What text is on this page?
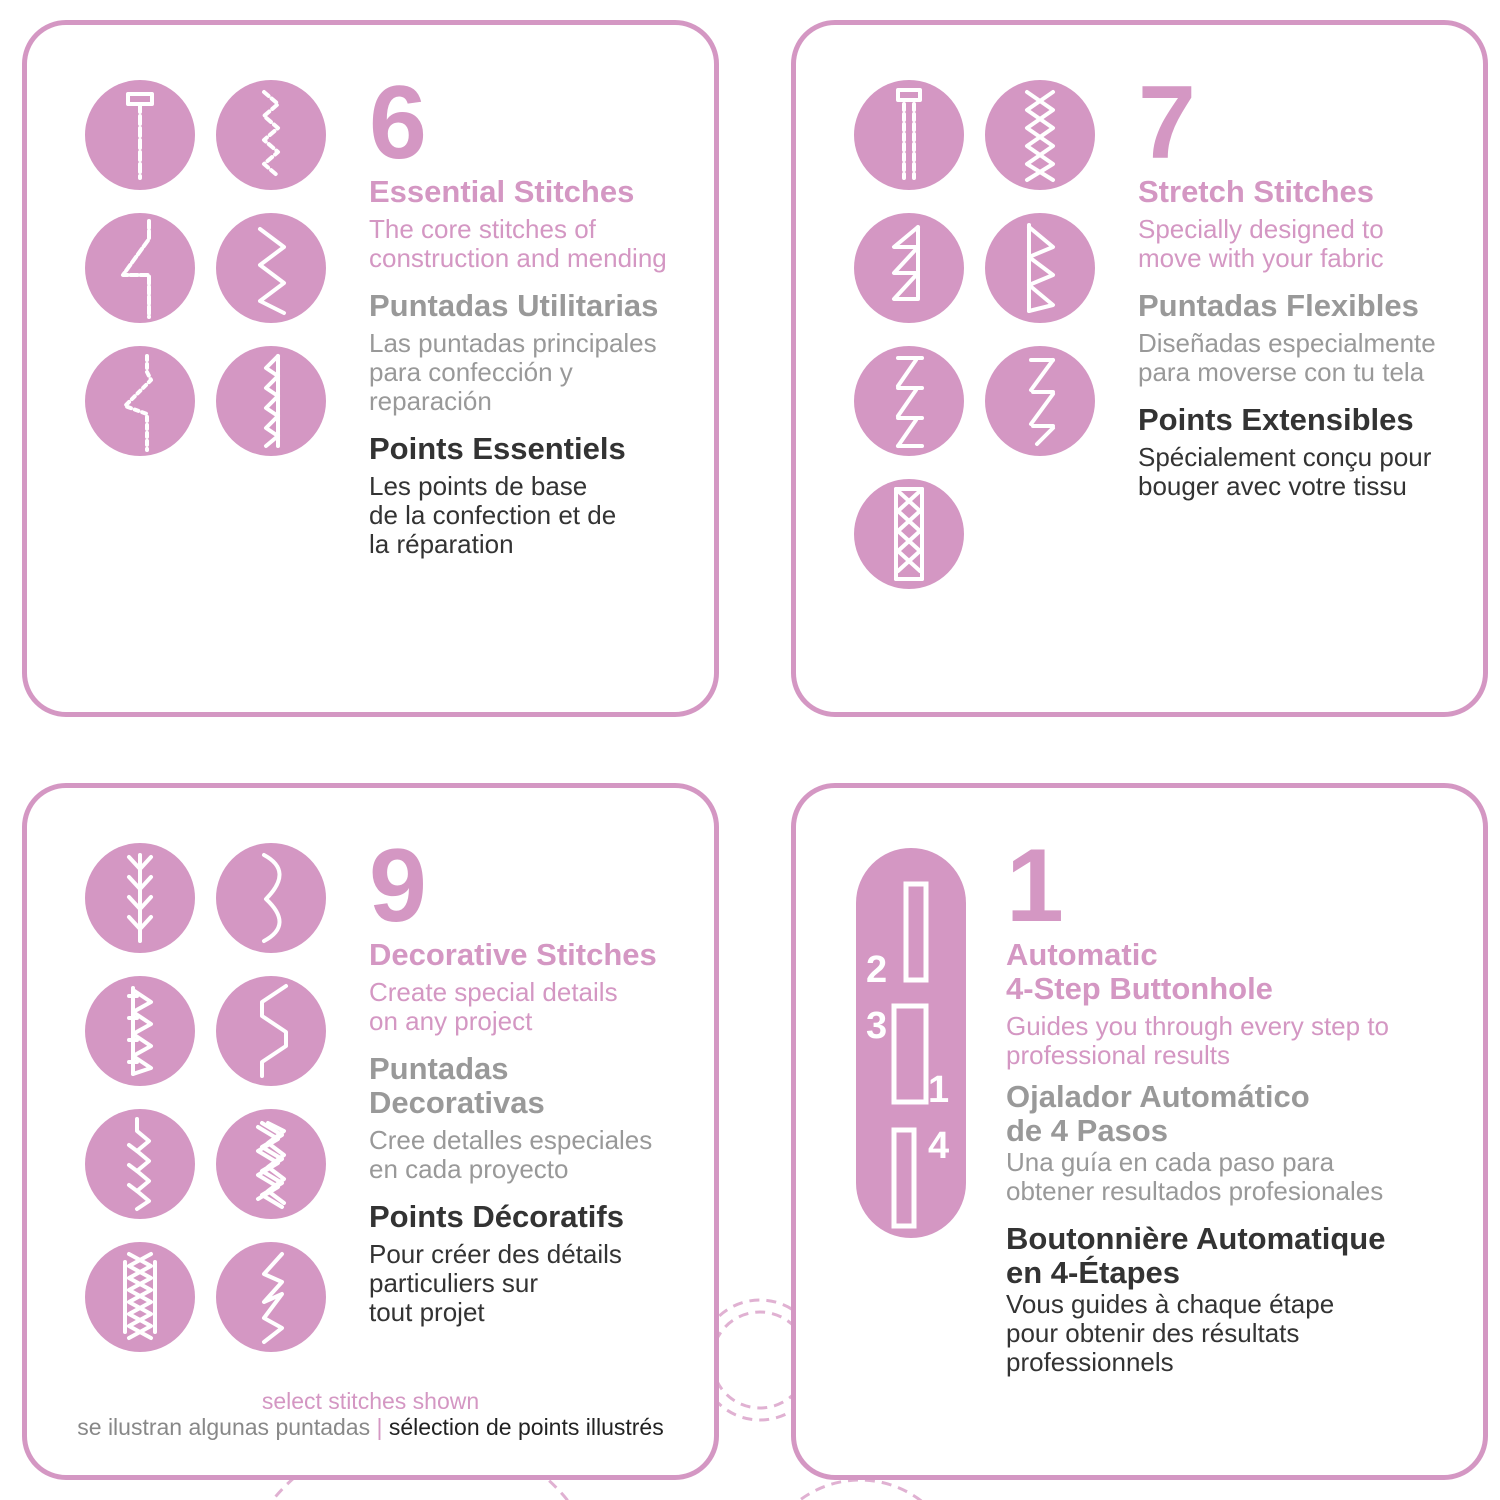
6
Essential Stitches
The core stitches of
construction and mending
Puntadas Utilitarias
Las puntadas principales
para confección y
reparación
Points Essentiels
Les points de base
de la confection et de
la réparation
7
Stretch Stitches
Specially designed to
move with your fabric
Puntadas Flexibles
Diseñadas especialmente
para moverse con tu tela
Points Extensibles
Spécialement conçu pour
bouger avec votre tissu
9
Decorative Stitches
Create special details
on any project
Puntadas
Decorativas
Cree detalles especiales
en cada proyecto
Points Décoratifs
Pour créer des détails
particuliers sur
tout projet
select stitches shown
se ilustran algunas puntadas | sélection de points illustrés
2
3
1
4
1
Automatic
4-Step Buttonhole
Guides you through every step to
professional results
Ojalador Automático
de 4 Pasos
Una guía en cada paso para
obtener resultados profesionales
Boutonnière Automatique
en 4-Étapes
Vous guides à chaque étape
pour obtenir des résultats
professionnels
